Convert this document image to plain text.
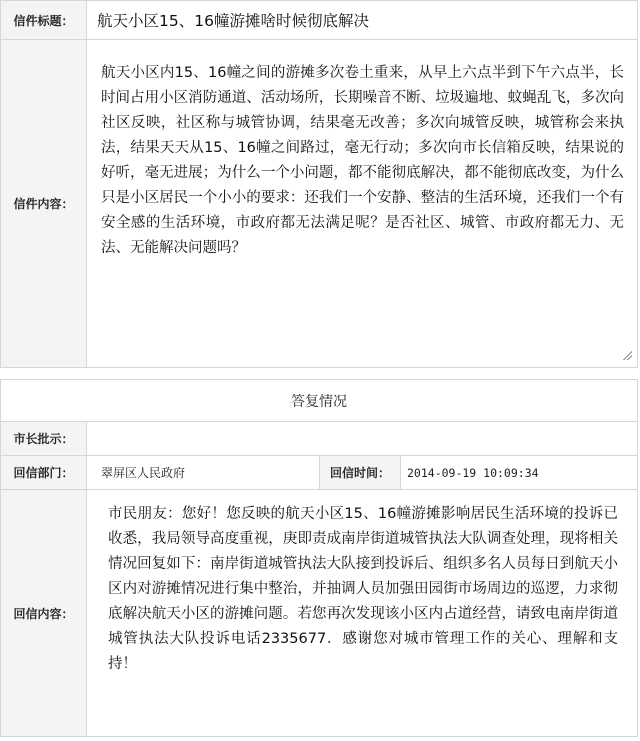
信件标题：	航天小区15、16幢游摊啥时候彻底解决
信件内容：	航天小区内15、16幢之间的游摊多次卷土重来，从早上六点半到下午六点半，长时间占用小区消防通道、活动场所，长期噪音不断、垃圾遍地、蚊蝇乱飞，多次向社区反映，社区称与城管协调，结果毫无改善；多次向城管反映，城管称会来执法，结果天天从15、16幢之间路过，毫无行动；多次向市长信箱反映，结果说的好听，毫无进展；为什么一个小问题，都不能彻底解决，都不能彻底改变，为什么只是小区居民一个小小的要求：还我们一个安静、整洁的生活环境，还我们一个有安全感的生活环境，市政府都无法满足呢？是否社区、城管、市政府都无力、无法、无能解决问题吗？
答复情况			
市长批示：			
回信部门：	翠屏区人民政府	回信时间：	2014-09-19 10:09:34
回信内容：	市民朋友：您好！您反映的航天小区15、16幢游摊影响居民生活环境的投诉已收悉，我局领导高度重视，庚即责成南岸街道城管执法大队调查处理，现将相关情况回复如下：南岸街道城管执法大队接到投诉后、组织多名人员每日到航天小区内对游摊情况进行集中整治，并抽调人员加强田园街市场周边的巡逻，力求彻底解决航天小区的游摊问题。若您再次发现该小区内占道经营，请致电南岸街道城管执法大队投诉电话2335677．感谢您对城市管理工作的关心、理解和支持！		
